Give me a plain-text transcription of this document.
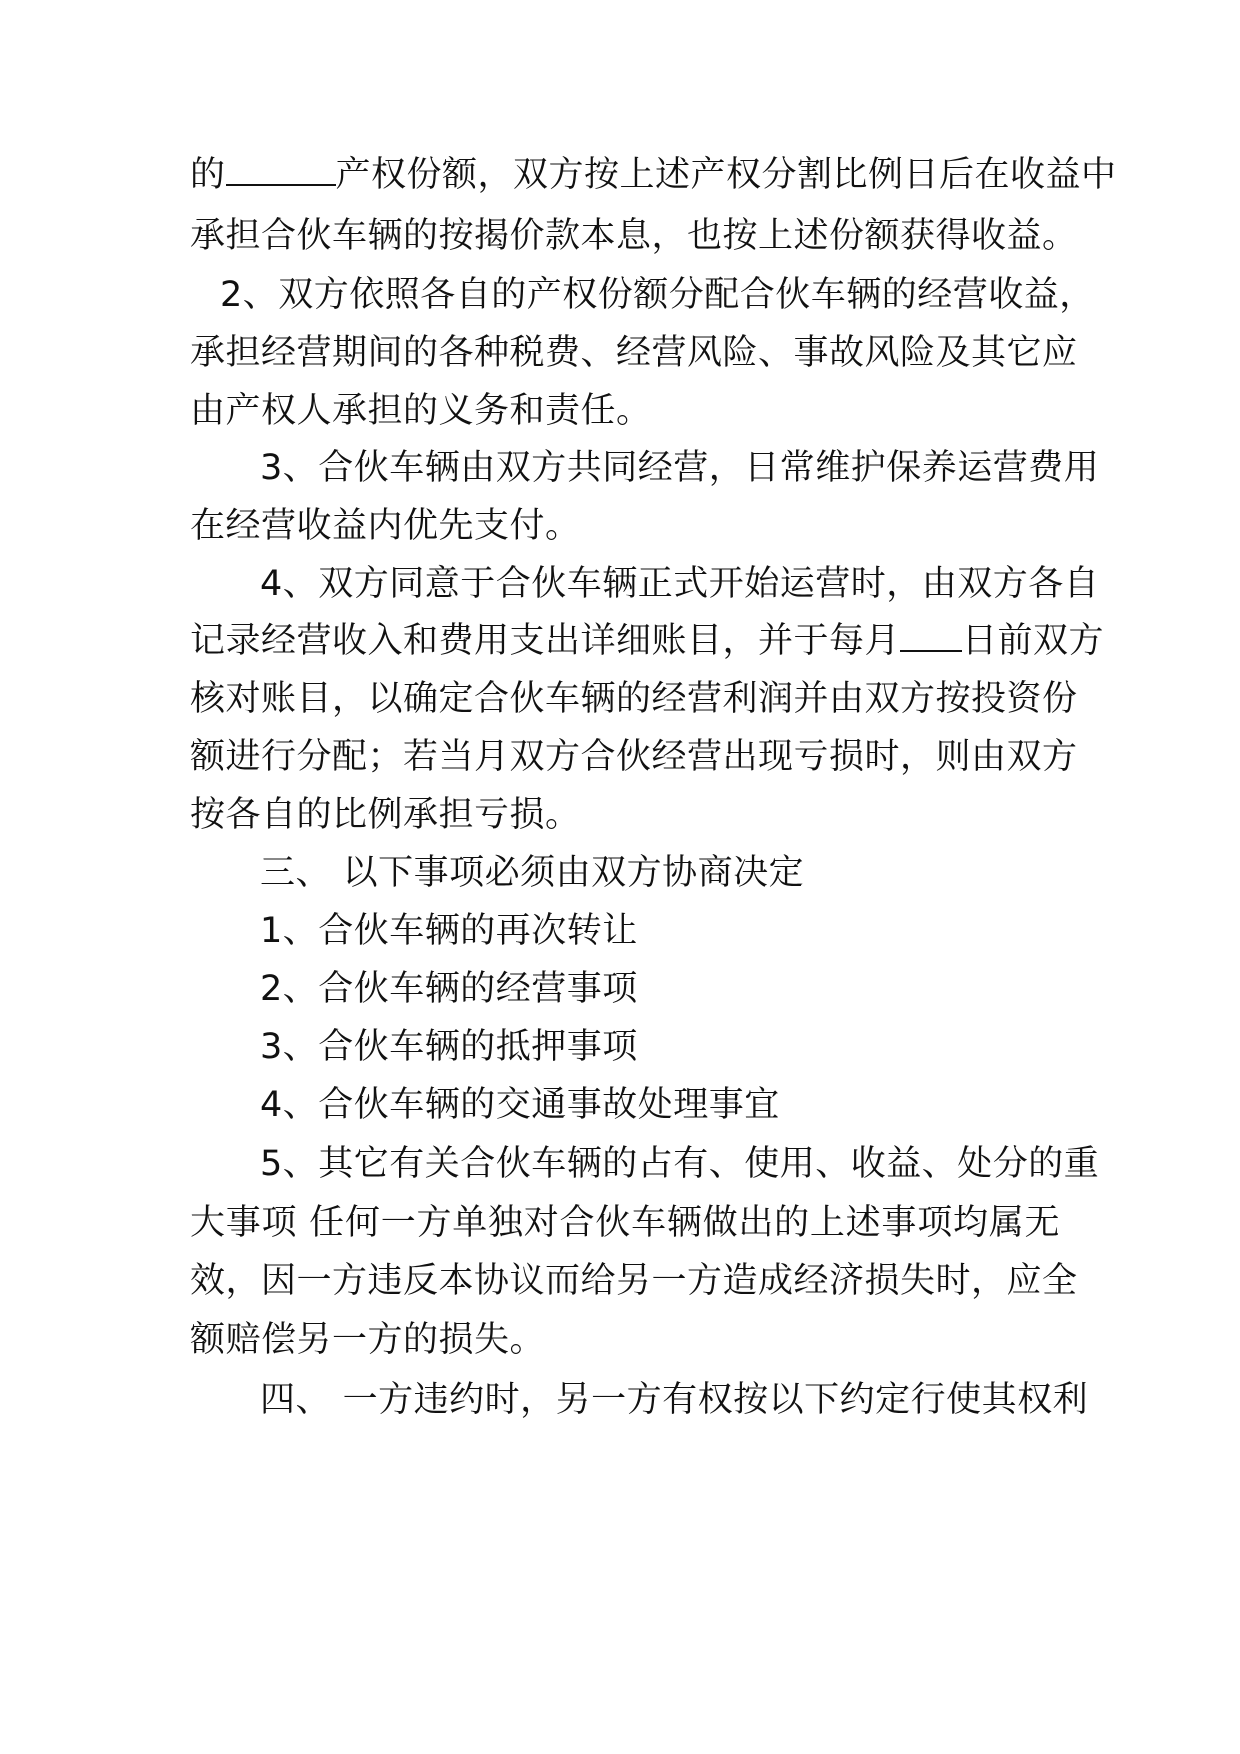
的	产权份额，双方按上述产权分割比例日后在收益中
承担合伙车辆的按揭价款本息，也按上述份额获得收益。
2、双方依照各自的产权份额分配合伙车辆的经营收益，
承担经营期间的各种税费、经营风险、事故风险及其它应
由产权人承担的义务和责任。
3、合伙车辆由双方共同经营，日常维护保养运营费用
在经营收益内优先支付。
4、双方同意于合伙车辆正式开始运营时，由双方各自
记录经营收入和费用支出详细账目，并于每月 日前双方
核对账目，以确定合伙车辆的经营利润并由双方按投资份
额进行分配；若当月双方合伙经营出现亏损时，则由双方
按各自的比例承担亏损。
三、 以下事项必须由双方协商决定
1、合伙车辆的再次转让
2、合伙车辆的经营事项
3、合伙车辆的抵押事项
4、合伙车辆的交通事故处理事宜
5、其它有关合伙车辆的占有、使用、收益、处分的重
大事项 任何一方单独对合伙车辆做出的上述事项均属无
效，因一方违反本协议而给另一方造成经济损失时，应全
额赔偿另一方的损失。
四、 一方违约时，另一方有权按以下约定行使其权利
